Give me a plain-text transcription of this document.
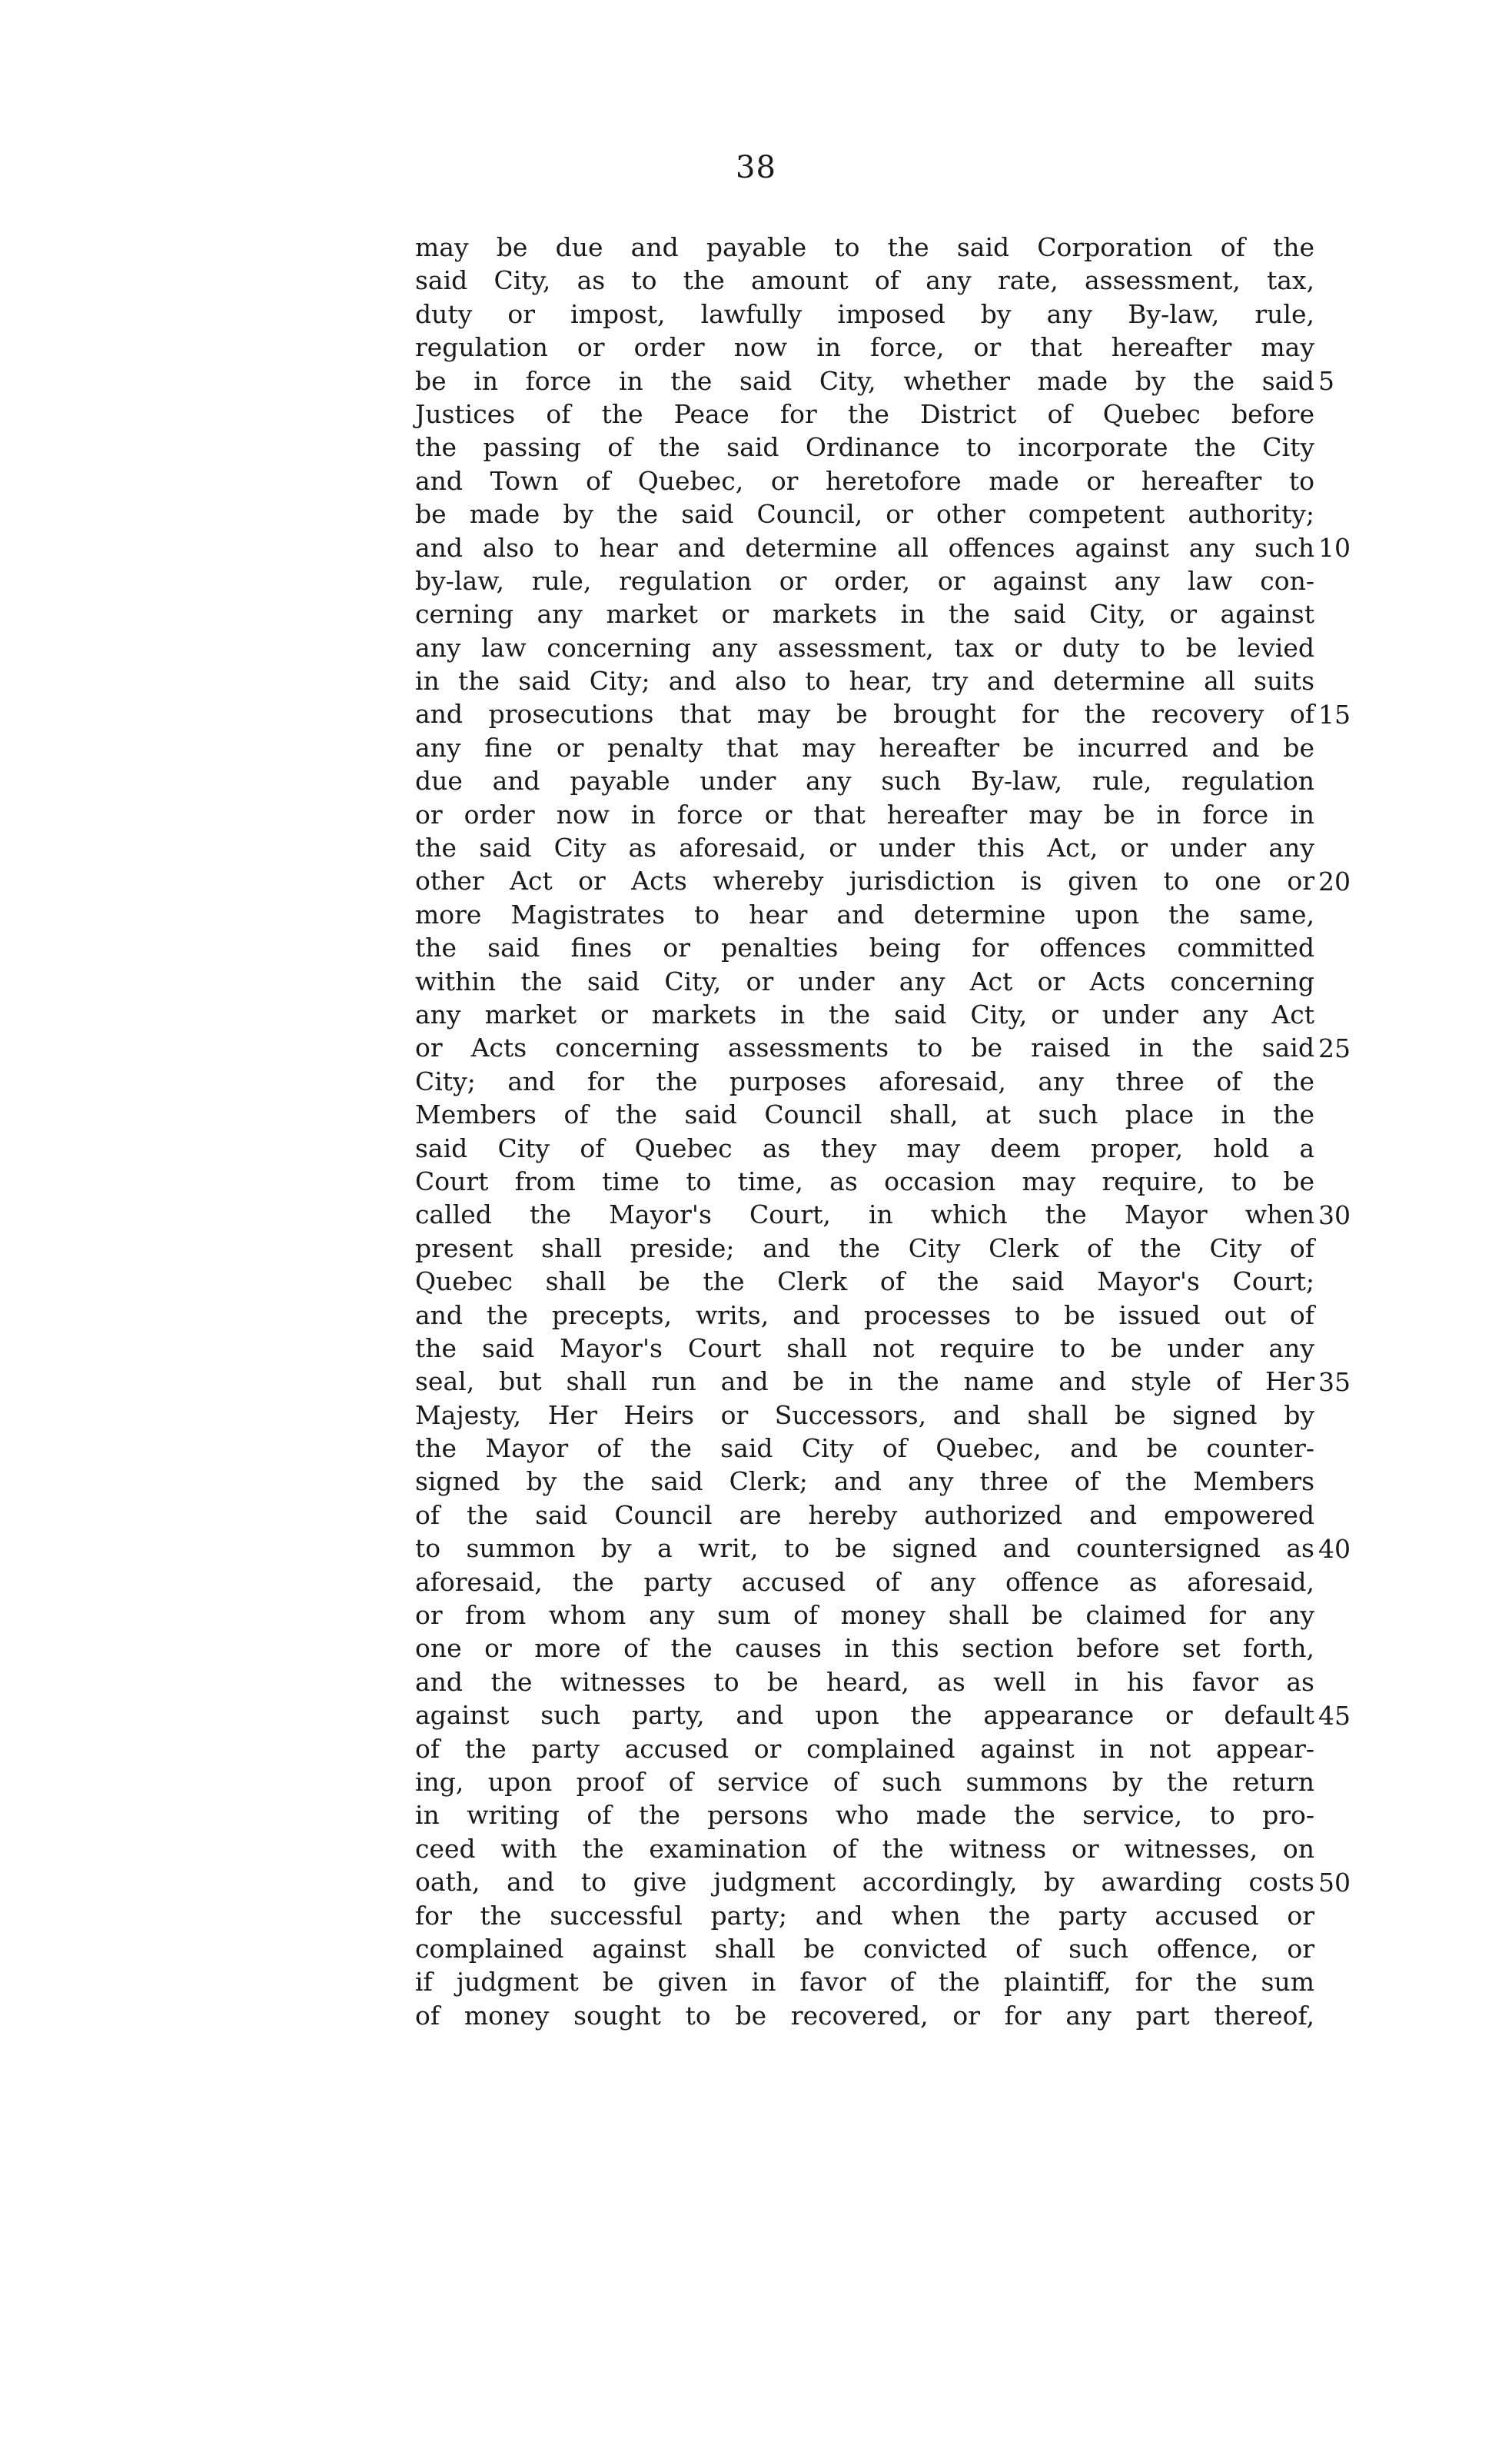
38
may be due and payable to the said Corporation of the
said City, as to the amount of any rate, assessment, tax,
duty or impost, lawfully imposed by any By-law, rule,
regulation or order now in force, or that hereafter may
be in force in the said City, whether made by the said
Justices of the Peace for the District of Quebec before
the passing of the said Ordinance to incorporate the City
and Town of Quebec, or heretofore made or hereafter to
be made by the said Council, or other competent authority;
and also to hear and determine all offences against any such
by-law, rule, regulation or order, or against any law con-
cerning any market or markets in the said City, or against
any law concerning any assessment, tax or duty to be levied
in the said City; and also to hear, try and determine all suits
and prosecutions that may be brought for the recovery of
any fine or penalty that may hereafter be incurred and be
due and payable under any such By-law, rule, regulation
or order now in force or that hereafter may be in force in
the said City as aforesaid, or under this Act, or under any
other Act or Acts whereby jurisdiction is given to one or
more Magistrates to hear and determine upon the same,
the said fines or penalties being for offences committed
within the said City, or under any Act or Acts concerning
any market or markets in the said City, or under any Act
or Acts concerning assessments to be raised in the said
City; and for the purposes aforesaid, any three of the
Members of the said Council shall, at such place in the
said City of Quebec as they may deem proper, hold a
Court from time to time, as occasion may require, to be
called the Mayor's Court, in which the Mayor when
present shall preside; and the City Clerk of the City of
Quebec shall be the Clerk of the said Mayor's Court;
and the precepts, writs, and processes to be issued out of
the said Mayor's Court shall not require to be under any
seal, but shall run and be in the name and style of Her
Majesty, Her Heirs or Successors, and shall be signed by
the Mayor of the said City of Quebec, and be counter-
signed by the said Clerk; and any three of the Members
of the said Council are hereby authorized and empowered
to summon by a writ, to be signed and countersigned as
aforesaid, the party accused of any offence as aforesaid,
or from whom any sum of money shall be claimed for any
one or more of the causes in this section before set forth,
and the witnesses to be heard, as well in his favor as
against such party, and upon the appearance or default
of the party accused or complained against in not appear-
ing, upon proof of service of such summons by the return
in writing of the persons who made the service, to pro-
ceed with the examination of the witness or witnesses, on
oath, and to give judgment accordingly, by awarding costs
for the successful party; and when the party accused or
complained against shall be convicted of such offence, or
if judgment be given in favor of the plaintiff, for the sum
of money sought to be recovered, or for any part thereof,
5
10
15
20
25
30
35
40
45
50
